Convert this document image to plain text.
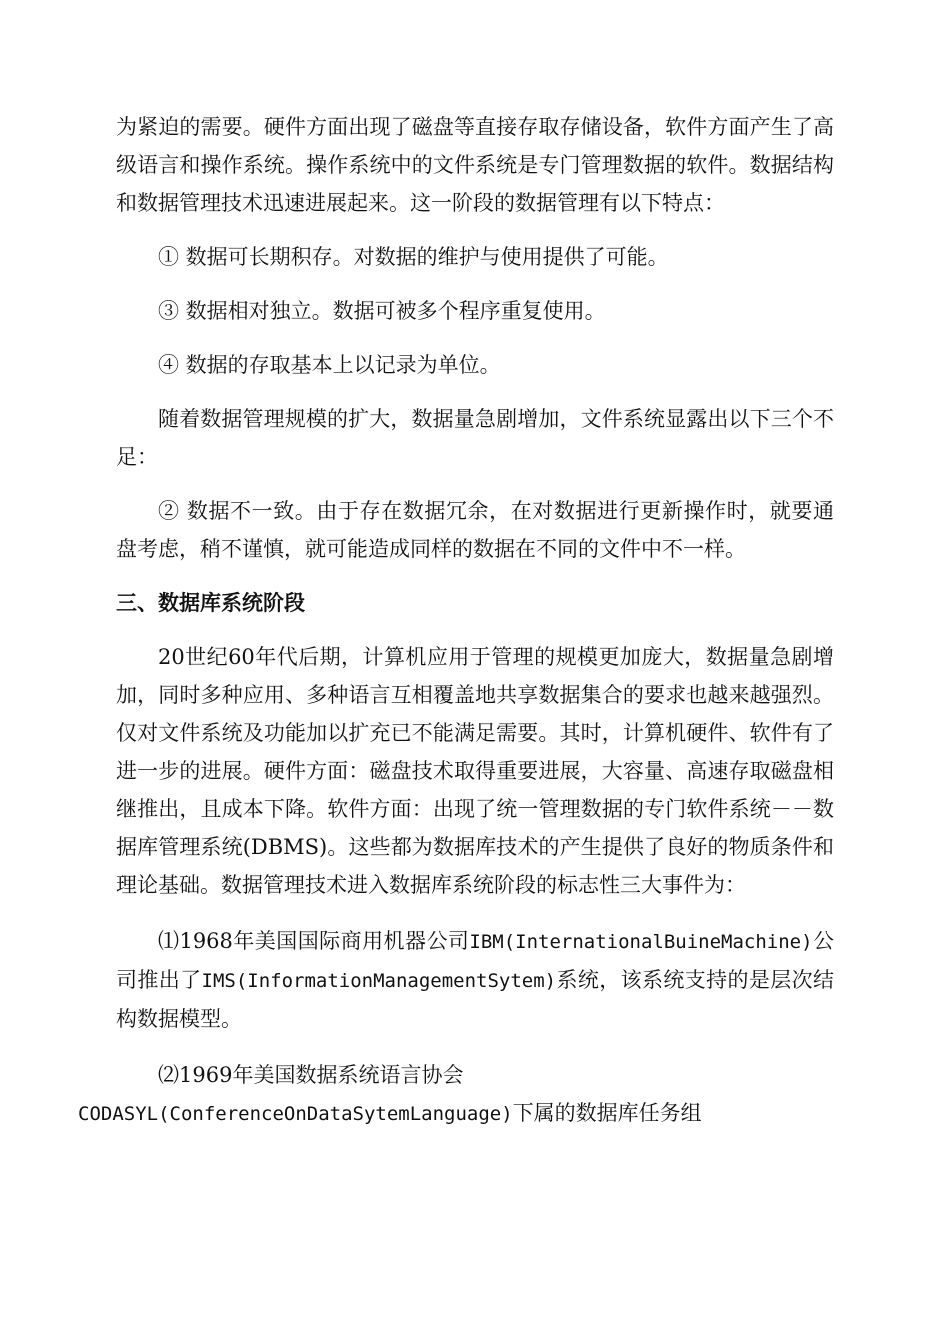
为紧迫的需要。硬件方面出现了磁盘等直接存取存储设备，软件方面产生了高级语言和操作系统。操作系统中的文件系统是专门管理数据的软件。数据结构和数据管理技术迅速进展起来。这一阶段的数据管理有以下特点：

① 数据可长期积存。对数据的维护与使用提供了可能。

③ 数据相对独立。数据可被多个程序重复使用。

④ 数据的存取基本上以记录为单位。

随着数据管理规模的扩大，数据量急剧增加，文件系统显露出以下三个不足：

② 数据不一致。由于存在数据冗余，在对数据进行更新操作时，就要通盘考虑，稍不谨慎，就可能造成同样的数据在不同的文件中不一样。

三、数据库系统阶段

20世纪60年代后期，计算机应用于管理的规模更加庞大，数据量急剧增加，同时多种应用、多种语言互相覆盖地共享数据集合的要求也越来越强烈。仅对文件系统及功能加以扩充已不能满足需要。其时，计算机硬件、软件有了进一步的进展。硬件方面：磁盘技术取得重要进展，大容量、高速存取磁盘相继推出，且成本下降。软件方面：出现了统一管理数据的专门软件系统－－数据库管理系统(DBMS)。这些都为数据库技术的产生提供了良好的物质条件和理论基础。数据管理技术进入数据库系统阶段的标志性三大事件为：

⑴1968年美国国际商用机器公司IBM(InternationalBuineMachine)公司推出了IMS(InformationManagementSytem)系统，该系统支持的是层次结构数据模型。

⑵1969年美国数据系统语言协会
CODASYL(ConferenceOnDataSytemLanguage)下属的数据库任务组
